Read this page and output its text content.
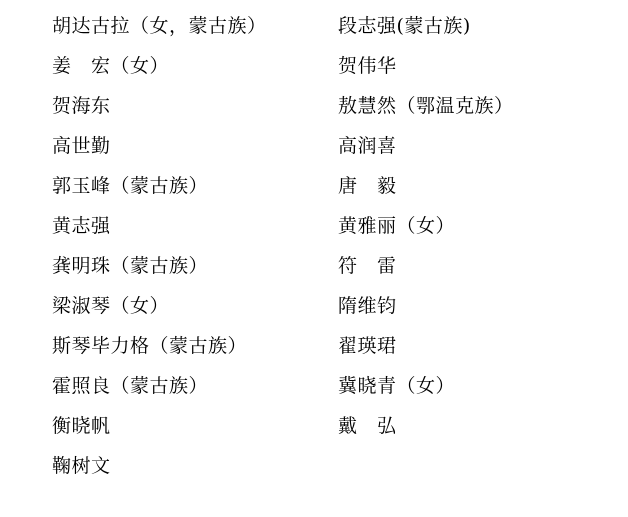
胡达古拉（女，蒙古族）	段志强(蒙古族)
姜　宏（女）	贺伟华
贺海东	敖慧然（鄂温克族）
高世勤	高润喜
郭玉峰（蒙古族）	唐　毅
黄志强	黄雅丽（女）
龚明珠（蒙古族）	符　雷
梁淑琴（女）	隋维钧
斯琴毕力格（蒙古族）	翟瑛珺
霍照良（蒙古族）	冀晓青（女）
衡晓帆	戴　弘
鞠树文	
